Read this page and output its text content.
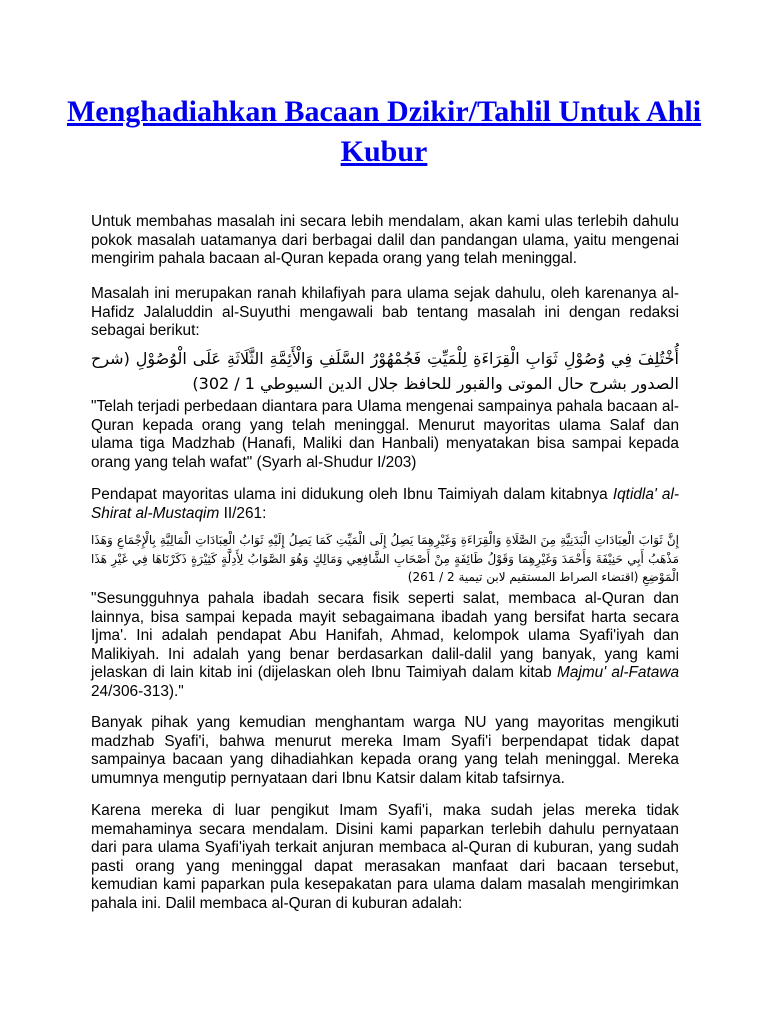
Menghadiahkan Bacaan Dzikir/Tahlil Untuk Ahli Kubur

Untuk membahas masalah ini secara lebih mendalam, akan kami ulas terlebih dahulu pokok masalah uatamanya dari berbagai dalil dan pandangan ulama, yaitu mengenai mengirim pahala bacaan al-Quran kepada orang yang telah meninggal.

Masalah ini merupakan ranah khilafiyah para ulama sejak dahulu, oleh karenanya al-Hafidz Jalaluddin al-Suyuthi mengawali bab tentang masalah ini dengan redaksi sebagai berikut:

أُخْتُلِفَ فِي وُصُوْلِ ثَوَابِ الْقِرَاءَةِ لِلْمَيِّتِ فَجُمْهُوْرُ السَّلَفِ وَالْأَئِمَّةِ الثَّلَاثَةِ عَلَى الْوُصُوْلِ (شرح الصدور بشرح حال الموتى والقبور للحافظ جلال الدين السيوطي 1 / 302)

"Telah terjadi perbedaan diantara para Ulama mengenai sampainya pahala bacaan al-Quran kepada orang yang telah meninggal. Menurut mayoritas ulama Salaf dan ulama tiga Madzhab (Hanafi, Maliki dan Hanbali) menyatakan bisa sampai kepada orang yang telah wafat" (Syarh al-Shudur I/203)

Pendapat mayoritas ulama ini didukung oleh Ibnu Taimiyah dalam kitabnya Iqtidla' al-Shirat al-Mustaqim II/261:

إِنَّ ثَوَابَ الْعِبَادَاتِ الْبَدَنِيَّةِ مِنَ الصَّلَاةِ وَالْقِرَاءَةِ وَغَيْرِهِمَا يَصِلُ إِلَى الْمَيِّتِ كَمَا يَصِلُ إِلَيْهِ ثَوَابُ الْعِبَادَاتِ الْمَالِيَّةِ بِالْإِجْمَاعِ وَهَذَا مَذْهَبُ أَبِي حَنِيْفَةَ وَأَحْمَدَ وَغَيْرِهِمَا وَقَوْلُ طَائِفَةٍ مِنْ أَصْحَابِ الشَّافِعِي وَمَالِكٍ وَهُوَ الصَّوَابُ لِأَدِلَّةٍ كَثِيْرَةٍ ذَكَرْنَاهَا فِي غَيْرِ هَذَا الْمَوْضِعِ (اقتضاء الصراط المستقيم لابن تيمية 2 / 261)

"Sesungguhnya pahala ibadah secara fisik seperti salat, membaca al-Quran dan lainnya, bisa sampai kepada mayit sebagaimana ibadah yang bersifat harta secara Ijma'. Ini adalah pendapat Abu Hanifah, Ahmad, kelompok ulama Syafi'iyah dan Malikiyah. Ini adalah yang benar berdasarkan dalil-dalil yang banyak, yang kami jelaskan di lain kitab ini (dijelaskan oleh Ibnu Taimiyah dalam kitab Majmu' al-Fatawa 24/306-313)."

Banyak pihak yang kemudian menghantam warga NU yang mayoritas mengikuti madzhab Syafi'i, bahwa menurut mereka Imam Syafi'i berpendapat tidak dapat sampainya bacaan yang dihadiahkan kepada orang yang telah meninggal. Mereka umumnya mengutip pernyataan dari Ibnu Katsir dalam kitab tafsirnya.

Karena mereka di luar pengikut Imam Syafi'i, maka sudah jelas mereka tidak memahaminya secara mendalam. Disini kami paparkan terlebih dahulu pernyataan dari para ulama Syafi'iyah terkait anjuran membaca al-Quran di kuburan, yang sudah pasti orang yang meninggal dapat merasakan manfaat dari bacaan tersebut, kemudian kami paparkan pula kesepakatan para ulama dalam masalah mengirimkan pahala ini. Dalil membaca al-Quran di kuburan adalah:
